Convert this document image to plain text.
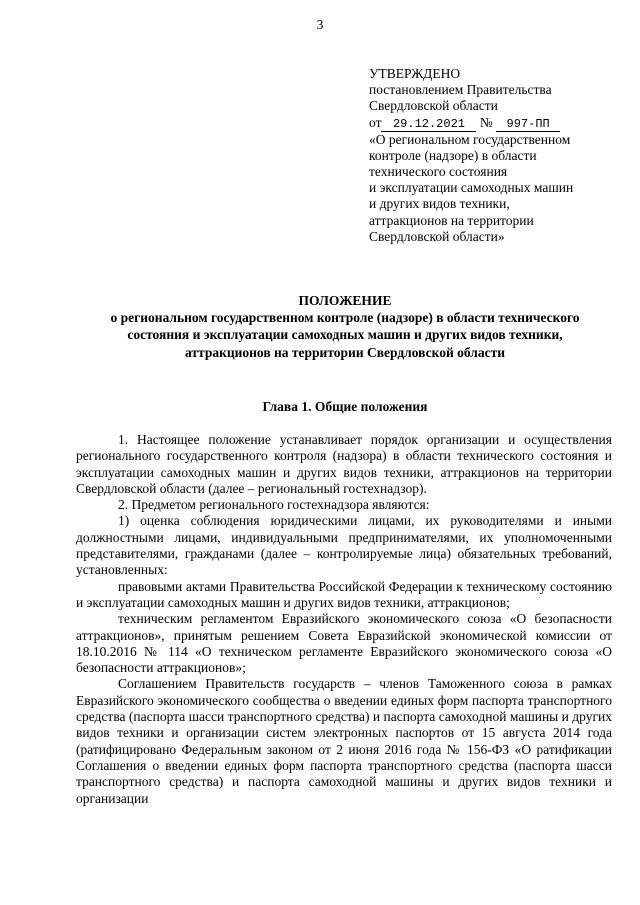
3
УТВЕРЖДЕНО
постановлением Правительства
Свердловской области
от 29.12.2021 № 997-ПП
«О региональном государственном
контроле (надзоре) в области
технического состояния
и эксплуатации самоходных машин
и других видов техники,
аттракционов на территории
Свердловской области»
ПОЛОЖЕНИЕ
о региональном государственном контроле (надзоре) в области технического
состояния и эксплуатации самоходных машин и других видов техники,
аттракционов на территории Свердловской области
Глава 1. Общие положения

1. Настоящее положение устанавливает порядок организации и осуществления регионального государственного контроля (надзора) в области технического состояния и эксплуатации самоходных машин и других видов техники, аттракционов на территории Свердловской области (далее – региональный гостехнадзор).

2. Предметом регионального гостехнадзора являются:

1) оценка соблюдения юридическими лицами, их руководителями и иными должностными лицами, индивидуальными предпринимателями, их уполномоченными представителями, гражданами (далее – контролируемые лица) обязательных требований, установленных:

правовыми актами Правительства Российской Федерации к техническому состоянию и эксплуатации самоходных машин и других видов техники, аттракционов;

техническим регламентом Евразийского экономического союза «О безопасности аттракционов», принятым решением Совета Евразийской экономической комиссии от 18.10.2016 № 114 «О техническом регламенте Евразийского экономического союза «О безопасности аттракционов»;

Соглашением Правительств государств – членов Таможенного союза в рамках Евразийского экономического сообщества о введении единых форм паспорта транспортного средства (паспорта шасси транспортного средства) и паспорта самоходной машины и других видов техники и организации систем электронных паспортов от 15 августа 2014 года (ратифицировано Федеральным законом от 2 июня 2016 года № 156-ФЗ «О ратификации Соглашения о введении единых форм паспорта транспортного средства (паспорта шасси транспортного средства) и паспорта самоходной машины и других видов техники и организации
